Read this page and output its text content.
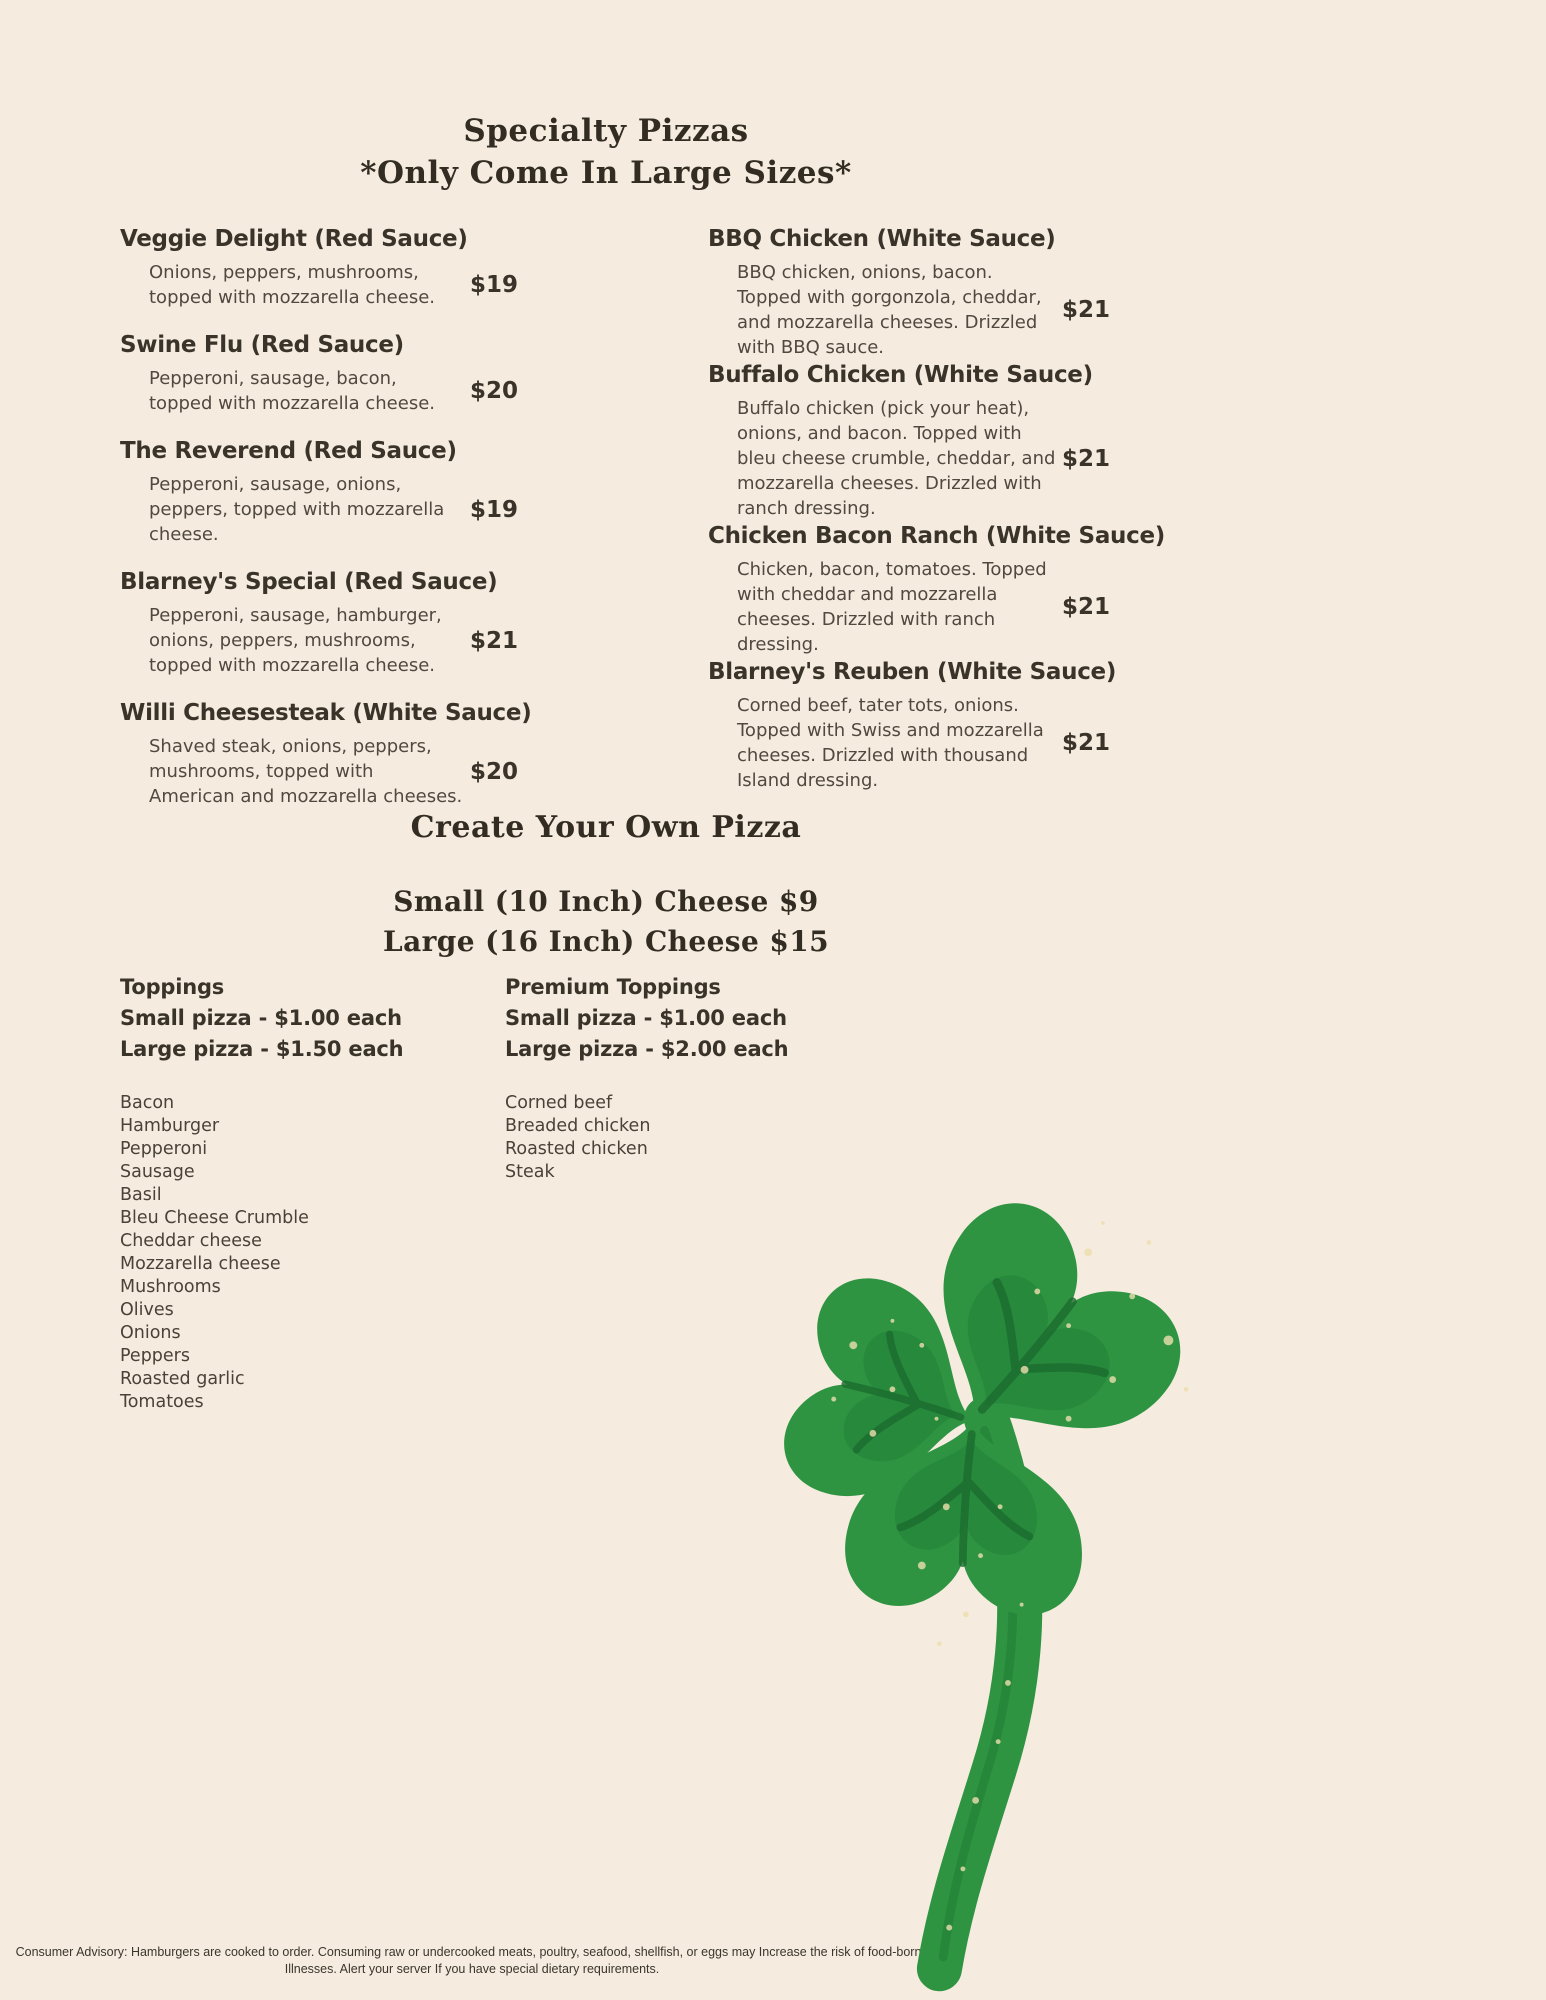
Specialty Pizzas
*Only Come In Large Sizes*
Veggie Delight (Red Sauce)

Onions, peppers, mushrooms, topped with mozzarella cheese.	$19
Swine Flu (Red Sauce)

Pepperoni, sausage, bacon, topped with mozzarella cheese.	$20
The Reverend (Red Sauce)

Pepperoni, sausage, onions, peppers, topped with mozzarella cheese.

$19
Blarney's Special (Red Sauce)

Pepperoni, sausage, hamburger, onions, peppers, mushrooms, topped with mozzarella cheese.

$21
Willi Cheesesteak (White Sauce)

Shaved steak, onions, peppers, mushrooms, topped with American and mozzarella cheeses.

$20
BBQ Chicken (White Sauce)

BBQ chicken, onions, bacon. Topped with gorgonzola, cheddar, and mozzarella cheeses. Drizzled with BBQ sauce.

$21
Buffalo Chicken (White Sauce)

Buffalo chicken (pick your heat), onions, and bacon. Topped with bleu cheese crumble, cheddar, and mozzarella cheeses. Drizzled with ranch dressing.

$21
Chicken Bacon Ranch (White Sauce)

Chicken, bacon, tomatoes. Topped with cheddar and mozzarella cheeses. Drizzled with ranch dressing.

$21
Blarney's Reuben (White Sauce)

Corned beef, tater tots, onions. Topped with Swiss and mozzarella cheeses. Drizzled with thousand Island dressing.

$21
Create Your Own Pizza
Small (10 Inch) Cheese $9
Large (16 Inch) Cheese $15
Toppings
Small pizza - $1.00 each
Large pizza - $1.50 each
Bacon
Hamburger
Pepperoni
Sausage
Basil
Bleu Cheese Crumble
Cheddar cheese
Mozzarella cheese
Mushrooms
Olives
Onions
Peppers
Roasted garlic
Tomatoes
Premium Toppings
Small pizza - $1.00 each
Large pizza - $2.00 each
Corned beef
Breaded chicken
Roasted chicken
Steak
Consumer Advisory: Hamburgers are cooked to order. Consuming raw or undercooked meats, poultry, seafood, shellfish, or eggs may Increase the risk of food-borne
Illnesses. Alert your server If you have special dietary requirements.
